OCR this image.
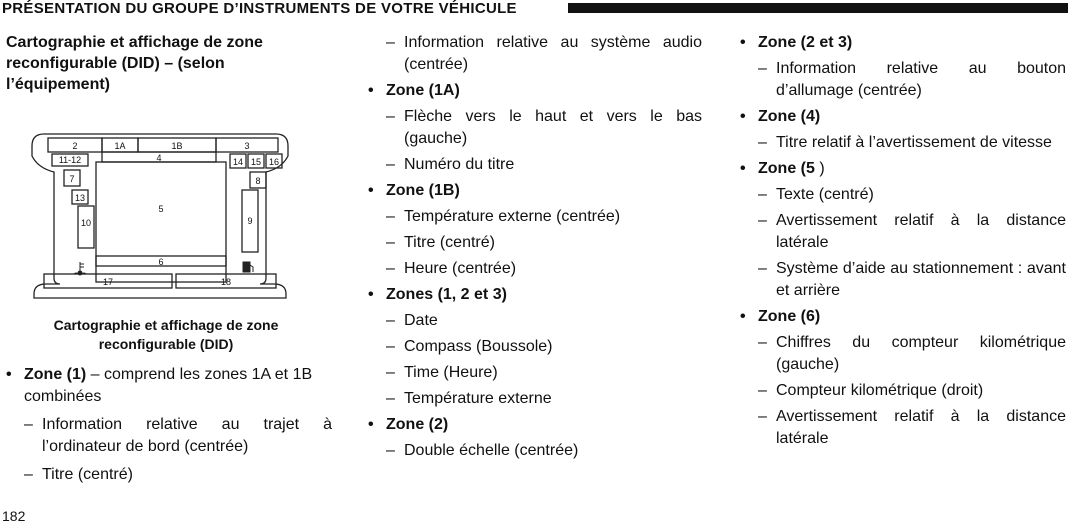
PRÉSENTATION DU GROUPE D’INSTRUMENTS DE VOTRE VÉHICULE
Cartographie et affichage de zone reconfigurable (DID) – (selon l’équipement)
2	1A	1B	3
4
11-12	14 15 16
7	8
13
10
5
9
6
17	18
Cartographie et affichage de zone reconfigurable (DID)
• Zone (1) – comprend les zones 1A et 1B combinées
– Information relative au trajet à l’ordinateur de bord (centrée)
– Titre (centré)
– Information relative au système audio (centrée)
• Zone (1A)
– Flèche vers le haut et vers le bas (gauche)
– Numéro du titre
• Zone (1B)
– Température externe (centrée)
– Titre (centré)
– Heure (centrée)
• Zones (1, 2 et 3)
– Date
– Compass (Boussole)
– Time (Heure)
– Température externe
• Zone (2)
– Double échelle (centrée)
• Zone (2 et 3)
– Information relative au bouton d’allumage (centrée)
• Zone (4)
– Titre relatif à l’avertissement de vitesse
• Zone (5 )
– Texte (centré)
– Avertissement relatif à la distance latérale
– Système d’aide au stationnement : avant et arrière
• Zone (6)
– Chiffres du compteur kilométrique (gauche)
– Compteur kilométrique (droit)
– Avertissement relatif à la distance latérale
182
